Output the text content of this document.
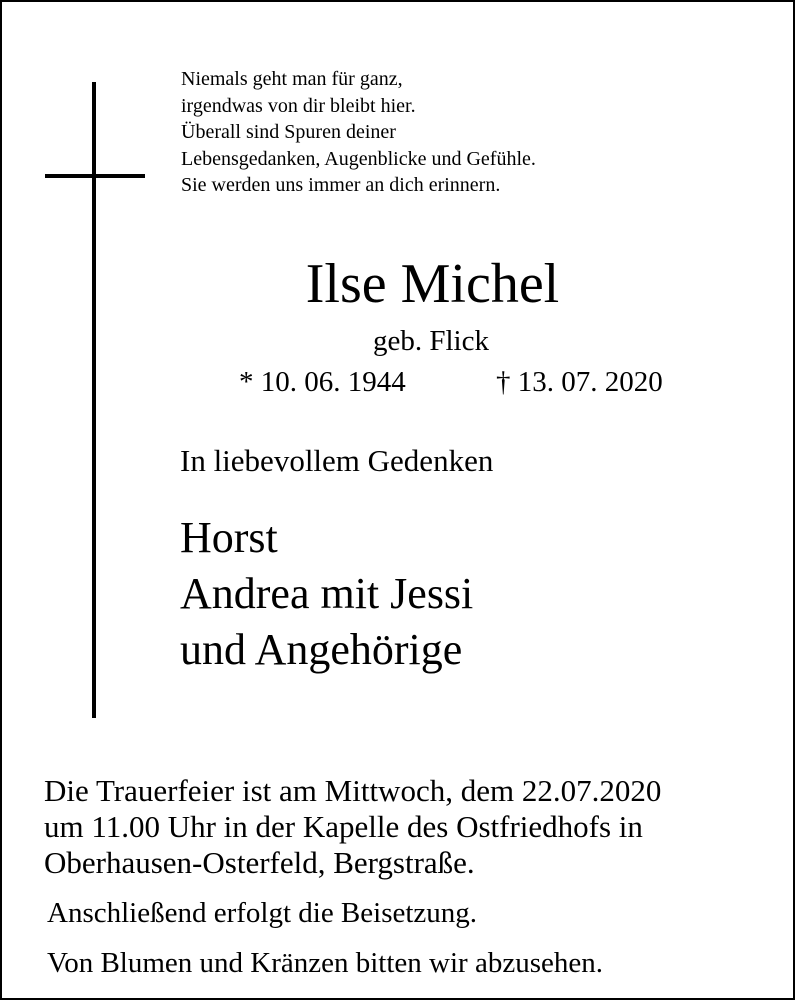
Niemals geht man für ganz,
irgendwas von dir bleibt hier.
Überall sind Spuren deiner
Lebensgedanken, Augenblicke und Gefühle.
Sie werden uns immer an dich erinnern.
Ilse Michel
geb. Flick
* 10. 06. 1944	† 13. 07. 2020
In liebevollem Gedenken
Horst
Andrea mit Jessi
und Angehörige
Die Trauerfeier ist am Mittwoch, dem 22.07.2020
um 11.00 Uhr in der Kapelle des Ostfriedhofs in
Oberhausen-Osterfeld, Bergstraße.
Anschließend erfolgt die Beisetzung.
Von Blumen und Kränzen bitten wir abzusehen.
